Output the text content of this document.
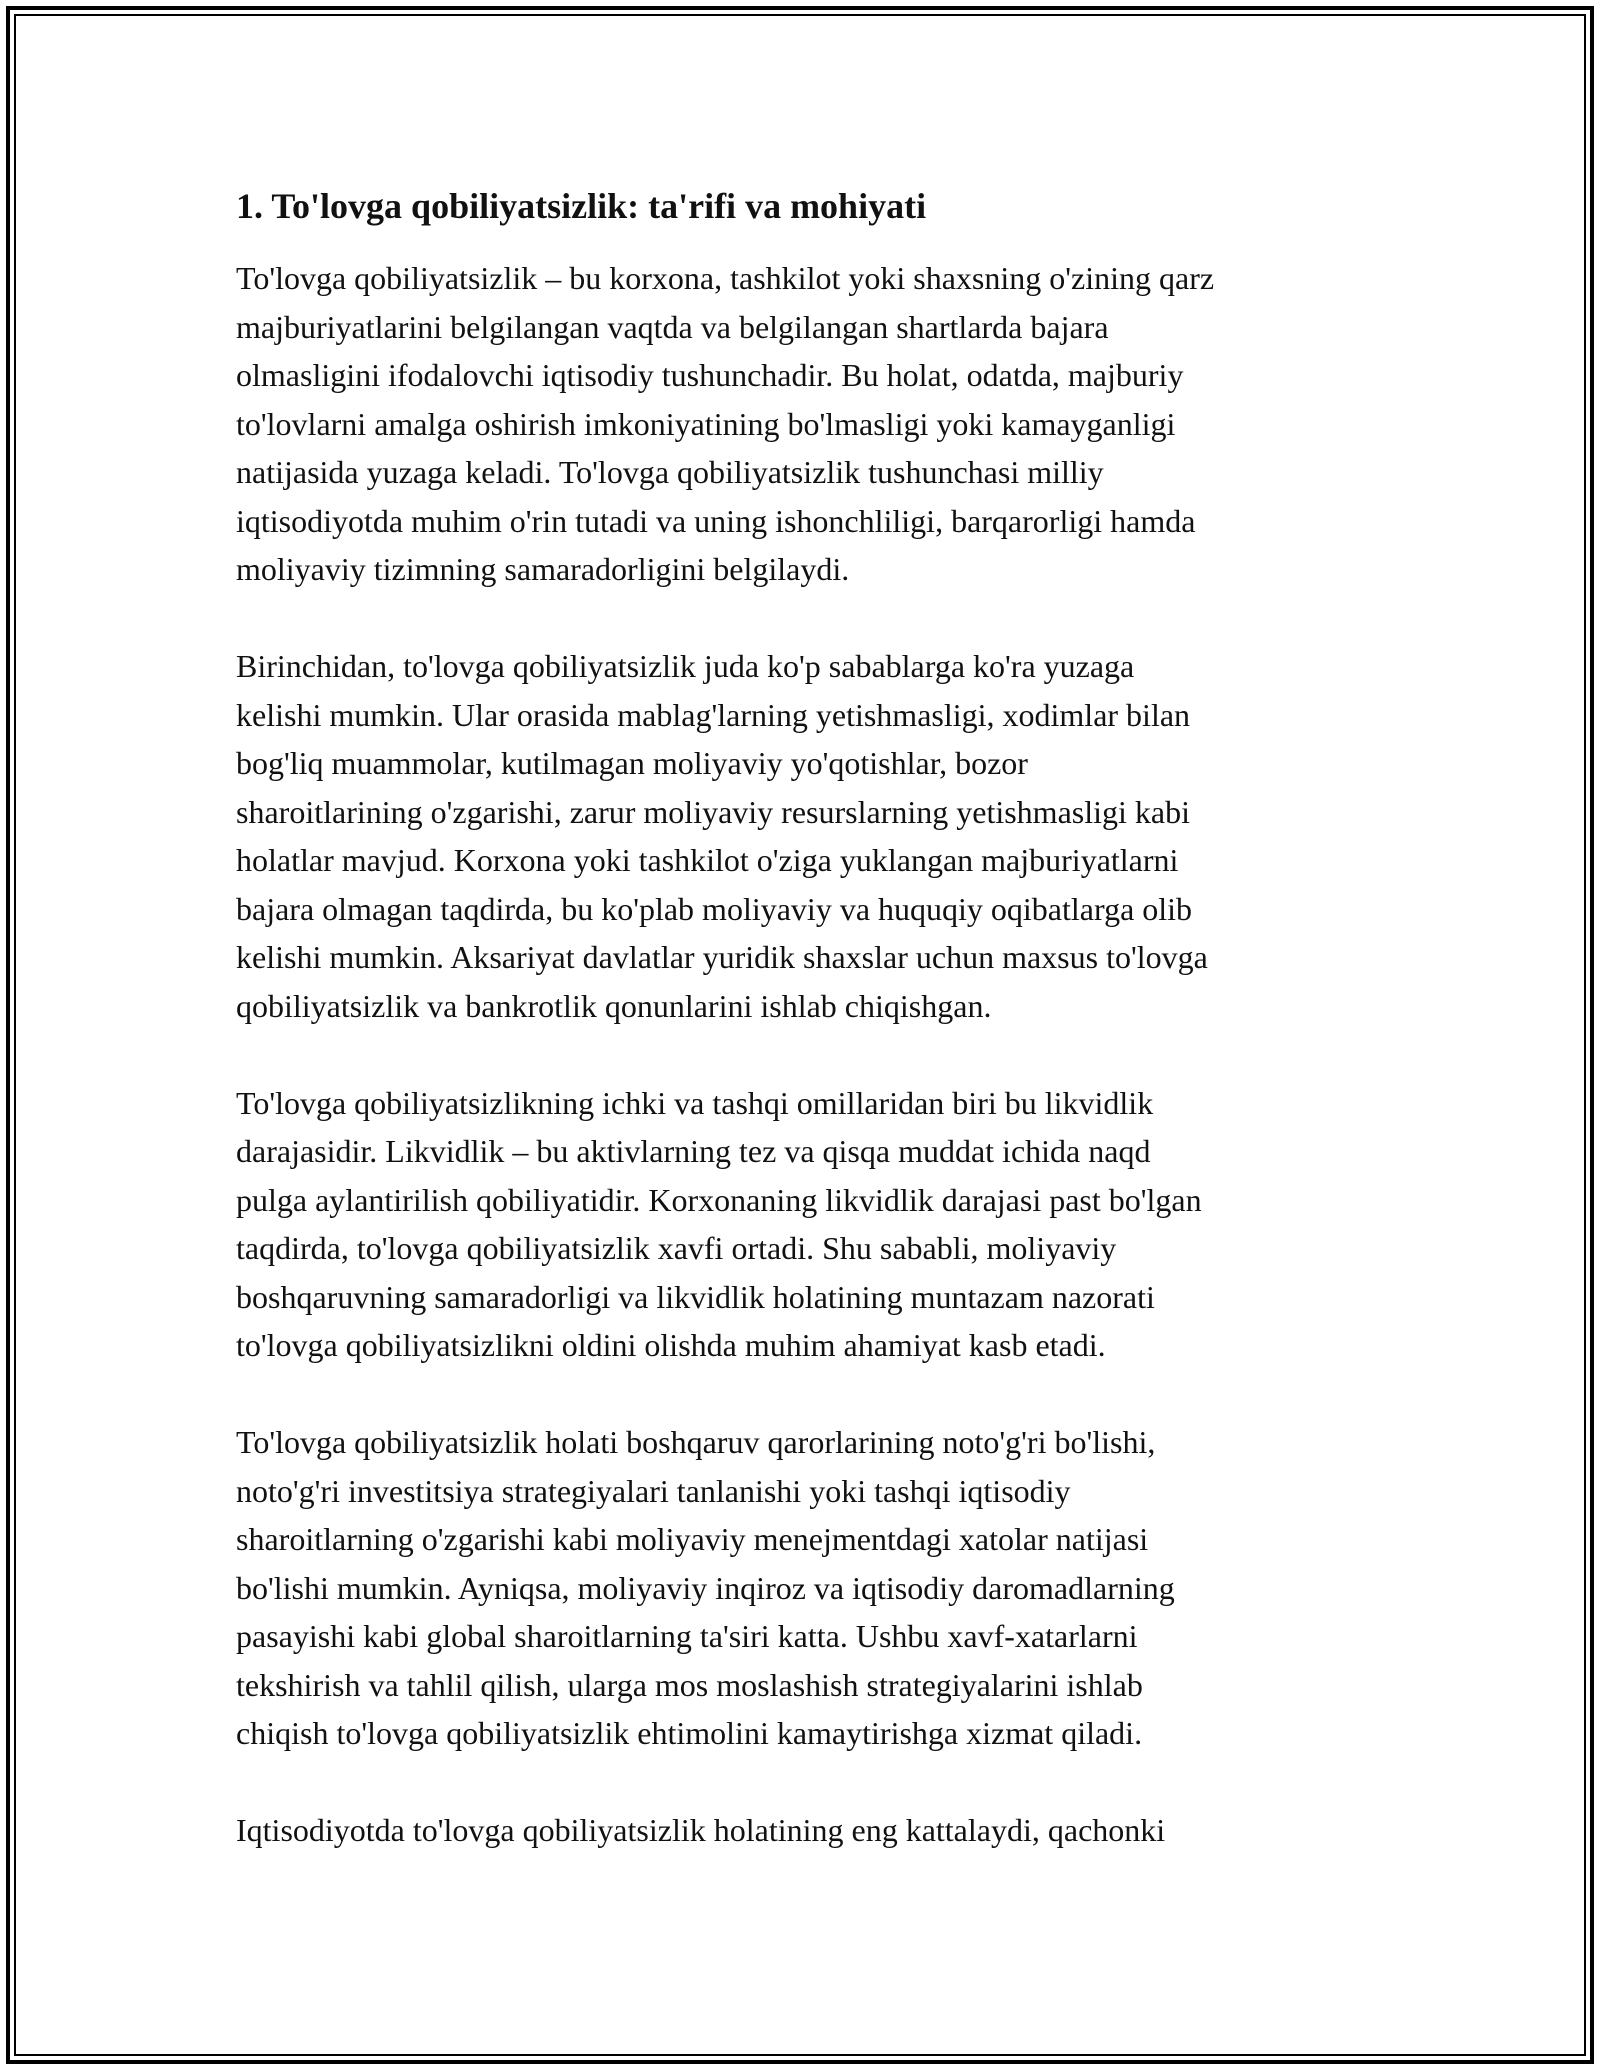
1. To'lovga qobiliyatsizlik: ta'rifi va mohiyati

To'lovga qobiliyatsizlik – bu korxona, tashkilot yoki shaxsning o'zining qarz
majburiyatlarini belgilangan vaqtda va belgilangan shartlarda bajara
olmasligini ifodalovchi iqtisodiy tushunchadir. Bu holat, odatda, majburiy
to'lovlarni amalga oshirish imkoniyatining bo'lmasligi yoki kamayganligi
natijasida yuzaga keladi. To'lovga qobiliyatsizlik tushunchasi milliy
iqtisodiyotda muhim o'rin tutadi va uning ishonchliligi, barqarorligi hamda
moliyaviy tizimning samaradorligini belgilaydi.

Birinchidan, to'lovga qobiliyatsizlik juda ko'p sabablarga ko'ra yuzaga
kelishi mumkin. Ular orasida mablag'larning yetishmasligi, xodimlar bilan
bog'liq muammolar, kutilmagan moliyaviy yo'qotishlar, bozor
sharoitlarining o'zgarishi, zarur moliyaviy resurslarning yetishmasligi kabi
holatlar mavjud. Korxona yoki tashkilot o'ziga yuklangan majburiyatlarni
bajara olmagan taqdirda, bu ko'plab moliyaviy va huquqiy oqibatlarga olib
kelishi mumkin. Aksariyat davlatlar yuridik shaxslar uchun maxsus to'lovga
qobiliyatsizlik va bankrotlik qonunlarini ishlab chiqishgan.

To'lovga qobiliyatsizlikning ichki va tashqi omillaridan biri bu likvidlik
darajasidir. Likvidlik – bu aktivlarning tez va qisqa muddat ichida naqd
pulga aylantirilish qobiliyatidir. Korxonaning likvidlik darajasi past bo'lgan
taqdirda, to'lovga qobiliyatsizlik xavfi ortadi. Shu sababli, moliyaviy
boshqaruvning samaradorligi va likvidlik holatining muntazam nazorati
to'lovga qobiliyatsizlikni oldini olishda muhim ahamiyat kasb etadi.

To'lovga qobiliyatsizlik holati boshqaruv qarorlarining noto'g'ri bo'lishi,
noto'g'ri investitsiya strategiyalari tanlanishi yoki tashqi iqtisodiy
sharoitlarning o'zgarishi kabi moliyaviy menejmentdagi xatolar natijasi
bo'lishi mumkin. Ayniqsa, moliyaviy inqiroz va iqtisodiy daromadlarning
pasayishi kabi global sharoitlarning ta'siri katta. Ushbu xavf-xatarlarni
tekshirish va tahlil qilish, ularga mos moslashish strategiyalarini ishlab
chiqish to'lovga qobiliyatsizlik ehtimolini kamaytirishga xizmat qiladi.

Iqtisodiyotda to'lovga qobiliyatsizlik holatining eng kattalaydi, qachonki
